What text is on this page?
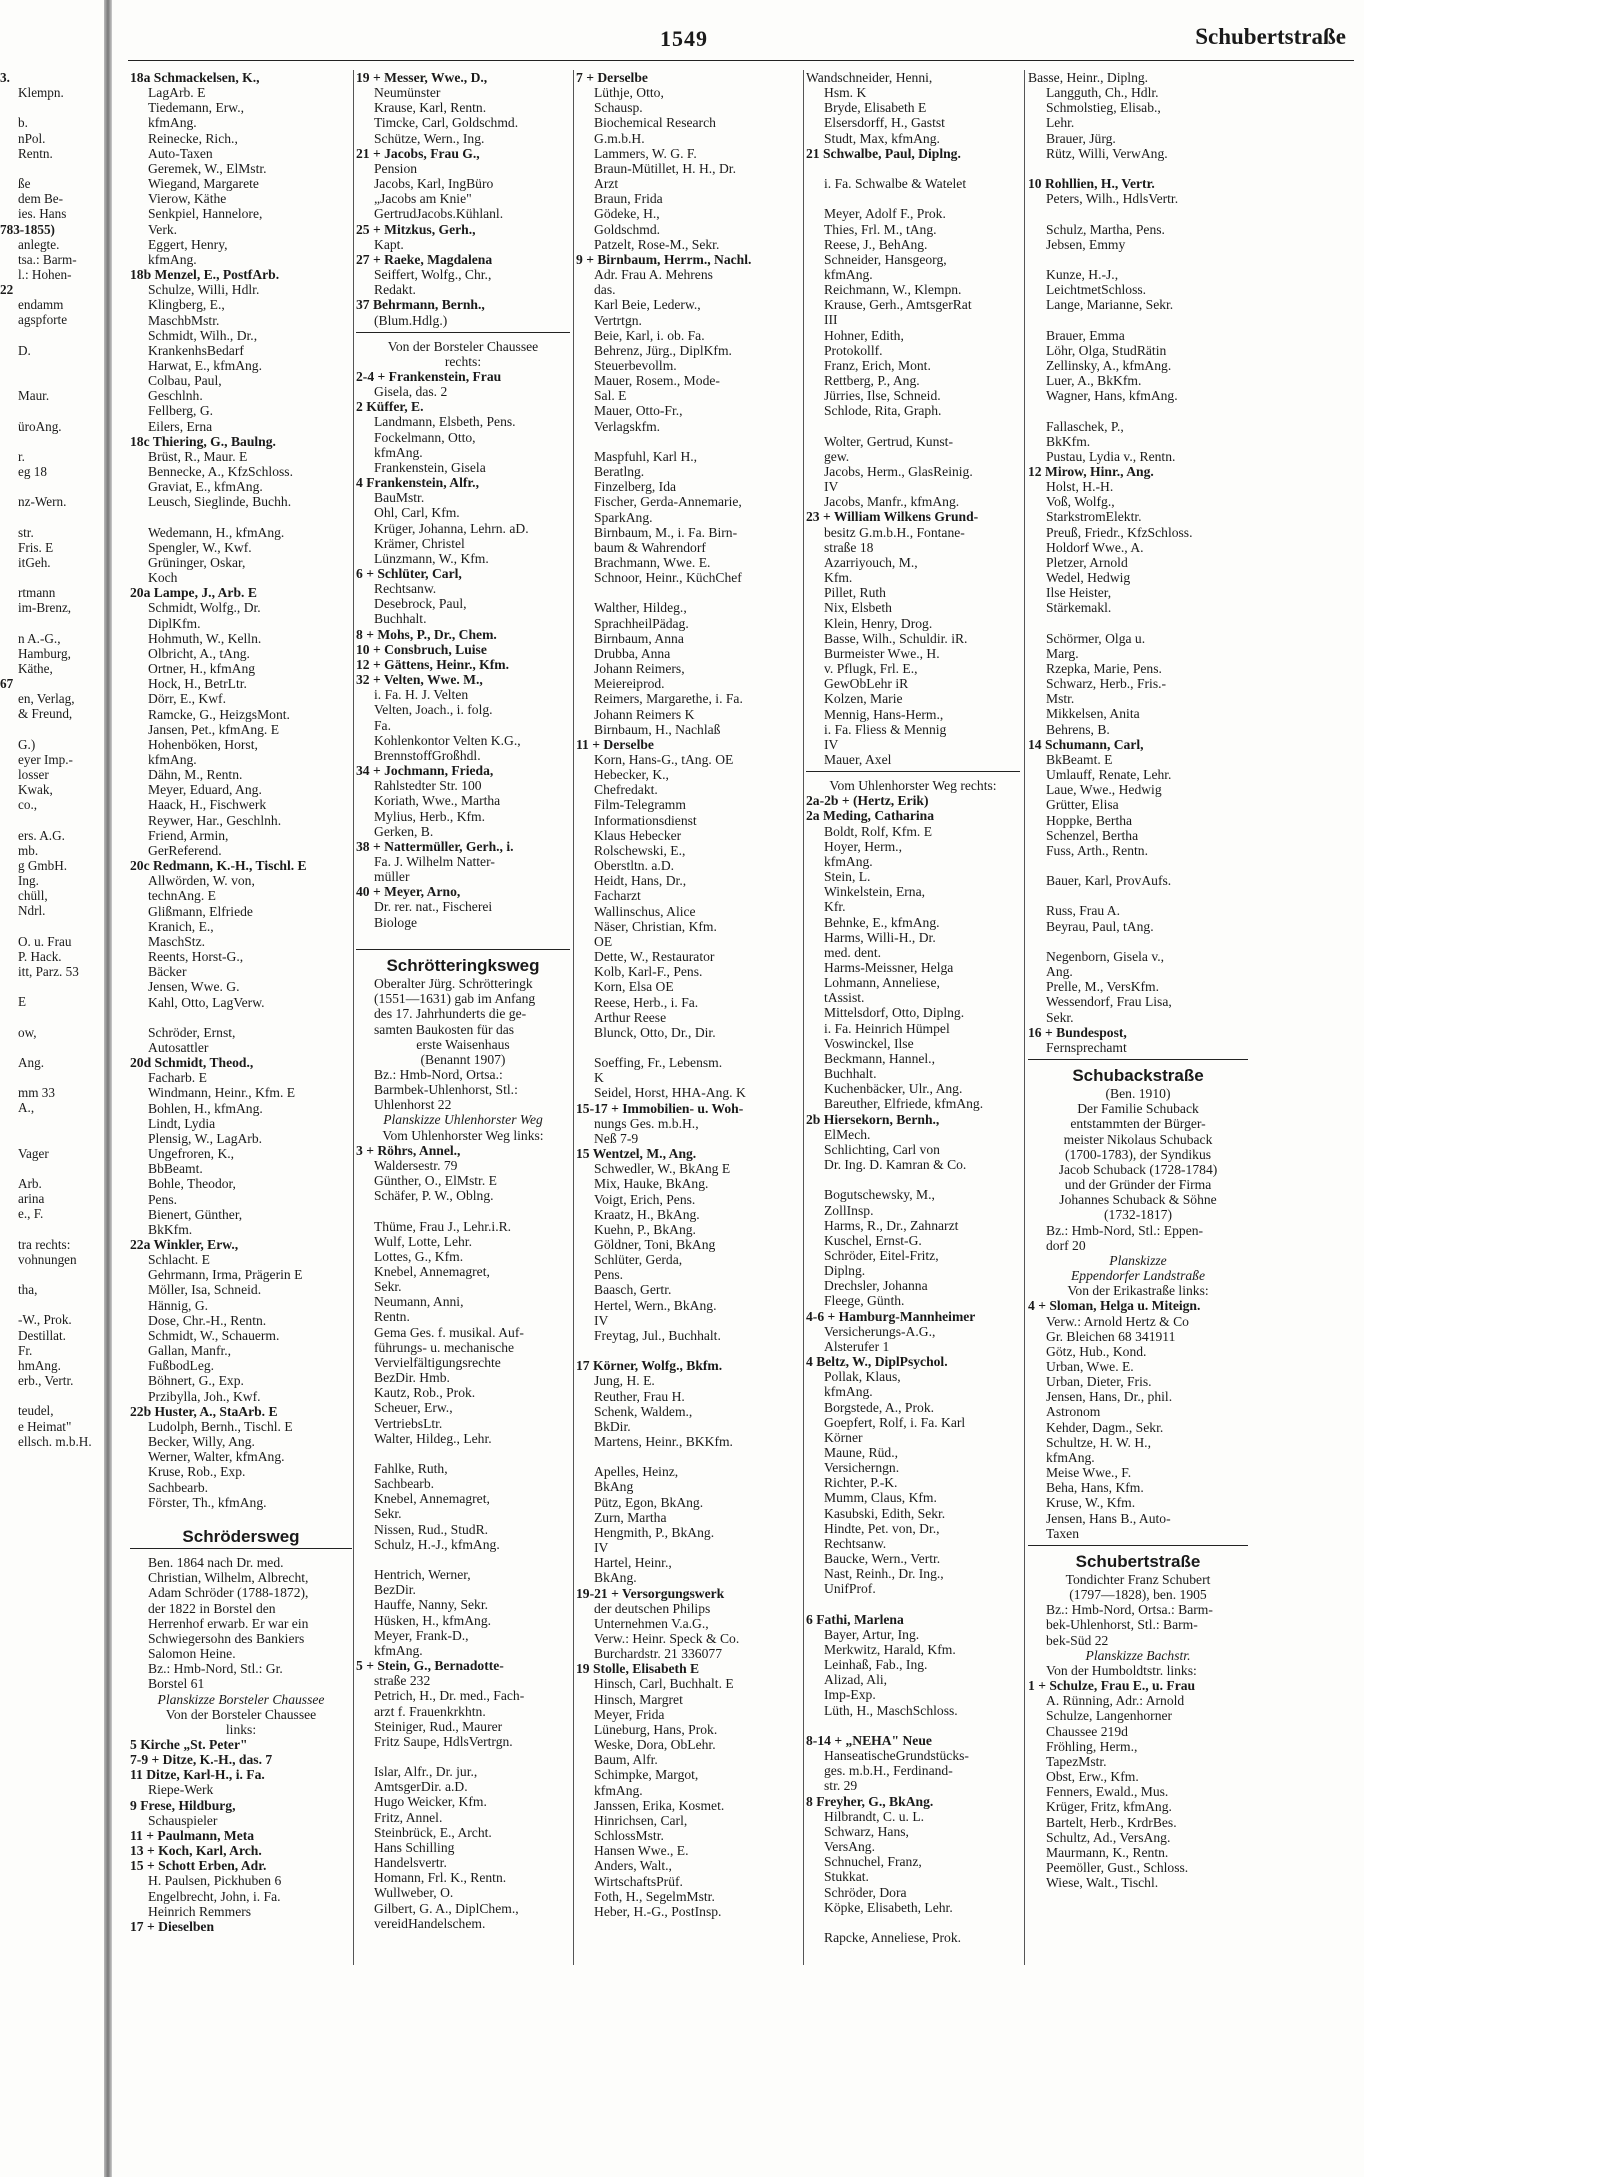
1549	Schubertstraße
3.
Klempn.
b.
nPol.
Rentn.
ße
dem Be-
ies. Hans
783-1855)
anlegte.
tsa.: Barm-
l.: Hohen-
22
endamm
agspforte
D.
Maur.
üroAng.
r.
eg 18
nz-Wern.
str.
Fris. E
itGeh.
rtmann
im-Brenz,
n A.-G.,
Hamburg,
Käthe,
67
en, Verlag,
& Freund,
G.)
eyer Imp.-
losser
Kwak,
co.,
ers. A.G.
mb.
g GmbH.
Ing.
chüll,
Ndrl.
O. u. Frau
P. Hack.
itt, Parz. 53
E
ow,
Ang.
mm 33
A.,
Vager
Arb.
arina
e., F.
tra rechts:
vohnungen
tha,
-W., Prok.
Destillat.
Fr.
hmAng.
erb., Vertr.
teudel,
e Heimat"
ellsch. m.b.H.
18a Schmackelsen, K.,
LagArb. E
Tiedemann, Erw.,
kfmAng.
Reinecke, Rich.,
Auto-Taxen
Geremek, W., ElMstr.
Wiegand, Margarete
Vierow, Käthe
Senkpiel, Hannelore,
Verk.
Eggert, Henry,
kfmAng.
18b Menzel, E., PostfArb.
Schulze, Willi, Hdlr.
Klingberg, E.,
MaschbMstr.
Schmidt, Wilh., Dr.,
KrankenhsBedarf
Harwat, E., kfmAng.
Colbau, Paul,
Geschlnh.
Fellberg, G.
Eilers, Erna
18c Thiering, G., Baulng.
Brüst, R., Maur. E
Bennecke, A., KfzSchloss.
Graviat, E., kfmAng.
Leusch, Sieglinde, Buchh.
Wedemann, H., kfmAng.
Spengler, W., Kwf.
Grüninger, Oskar,
Koch
20a Lampe, J., Arb. E
Schmidt, Wolfg., Dr.
DiplKfm.
Hohmuth, W., Kelln.
Olbricht, A., tAng.
Ortner, H., kfmAng
Hock, H., BetrLtr.
Dörr, E., Kwf.
Ramcke, G., HeizgsMont.
Jansen, Pet., kfmAng. E
Hohenböken, Horst,
kfmAng.
Dähn, M., Rentn.
Meyer, Eduard, Ang.
Haack, H., Fischwerk
Reywer, Har., Geschlnh.
Friend, Armin,
GerReferend.
20c Redmann, K.-H., Tischl. E
Allwörden, W. von,
technAng. E
Glißmann, Elfriede
Kranich, E.,
MaschStz.
Reents, Horst-G.,
Bäcker
Jensen, Wwe. G.
Kahl, Otto, LagVerw.
Schröder, Ernst,
Autosattler
20d Schmidt, Theod.,
Facharb. E
Windmann, Heinr., Kfm. E
Bohlen, H., kfmAng.
Lindt, Lydia
Plensig, W., LagArb.
Ungefroren, K.,
BbBeamt.
Bohle, Theodor,
Pens.
Bienert, Günther,
BkKfm.
22a Winkler, Erw.,
Schlacht. E
Gehrmann, Irma, Prägerin E
Möller, Isa, Schneid.
Hännig, G.
Dose, Chr.-H., Rentn.
Schmidt, W., Schauerm.
Gallan, Manfr.,
FußbodLeg.
Böhnert, G., Exp.
Przibylla, Joh., Kwf.
22b Huster, A., StaArb. E
Ludolph, Bernh., Tischl. E
Becker, Willy, Ang.
Werner, Walter, kfmAng.
Kruse, Rob., Exp.
Sachbearb.
Förster, Th., kfmAng.
Schrödersweg
Ben. 1864 nach Dr. med.
Christian, Wilhelm, Albrecht,
Adam Schröder (1788-1872),
der 1822 in Borstel den
Herrenhof erwarb. Er war ein
Schwiegersohn des Bankiers
Salomon Heine.
Bz.: Hmb-Nord, Stl.: Gr.
Borstel 61
Planskizze Borsteler Chaussee
Von der Borsteler Chaussee
links:
5 Kirche „St. Peter"
7-9 + Ditze, K.-H., das. 7
11 Ditze, Karl-H., i. Fa.
Riepe-Werk
9 Frese, Hildburg,
Schauspieler
11 + Paulmann, Meta
13 + Koch, Karl, Arch.
15 + Schott Erben, Adr.
H. Paulsen, Pickhuben 6
Engelbrecht, John, i. Fa.
Heinrich Remmers
17 + Dieselben
19 + Messer, Wwe., D.,
Neumünster
Krause, Karl, Rentn.
Timcke, Carl, Goldschmd.
Schütze, Wern., Ing.
21 + Jacobs, Frau G.,
Pension
Jacobs, Karl, IngBüro
„Jacobs am Knie"
GertrudJacobs.Kühlanl.
25 + Mitzkus, Gerh.,
Kapt.
27 + Raeke, Magdalena
Seiffert, Wolfg., Chr.,
Redakt.
37 Behrmann, Bernh.,
(Blum.Hdlg.)
Von der Borsteler Chaussee
rechts:
2-4 + Frankenstein, Frau
Gisela, das. 2
2 Küffer, E.
Landmann, Elsbeth, Pens.
Fockelmann, Otto,
kfmAng.
Frankenstein, Gisela
4 Frankenstein, Alfr.,
BauMstr.
Ohl, Carl, Kfm.
Krüger, Johanna, Lehrn. aD.
Krämer, Christel
Lünzmann, W., Kfm.
6 + Schlüter, Carl,
Rechtsanw.
Desebrock, Paul,
Buchhalt.
8 + Mohs, P., Dr., Chem.
10 + Consbruch, Luise
12 + Gättens, Heinr., Kfm.
32 + Velten, Wwe. M.,
i. Fa. H. J. Velten
Velten, Joach., i. folg.
Fa.
Kohlenkontor Velten K.G.,
BrennstoffGroßhdl.
34 + Jochmann, Frieda,
Rahlstedter Str. 100
Koriath, Wwe., Martha
Mylius, Herb., Kfm.
Gerken, B.
38 + Nattermüller, Gerh., i.
Fa. J. Wilhelm Natter-
müller
40 + Meyer, Arno,
Dr. rer. nat., Fischerei
Biologe
Schrötteringksweg
Oberalter Jürg. Schrötteringk
(1551—1631) gab im Anfang
des 17. Jahrhunderts die ge-
samten Baukosten für das
erste Waisenhaus
(Benannt 1907)
Bz.: Hmb-Nord, Ortsa.:
Barmbek-Uhlenhorst, Stl.:
Uhlenhorst 22
Planskizze Uhlenhorster Weg
Vom Uhlenhorster Weg links:
3 + Röhrs, Annel.,
Waldersestr. 79
Günther, O., ElMstr. E
Schäfer, P. W., Oblng.
Thüme, Frau J., Lehr.i.R.
Wulf, Lotte, Lehr.
Lottes, G., Kfm.
Knebel, Annemagret,
Sekr.
Neumann, Anni,
Rentn.
Gema Ges. f. musikal. Auf-
führungs- u. mechanische
Vervielfältigungsrechte
BezDir. Hmb.
Kautz, Rob., Prok.
Scheuer, Erw.,
VertriebsLtr.
Walter, Hildeg., Lehr.
Fahlke, Ruth,
Sachbearb.
Knebel, Annemagret,
Sekr.
Nissen, Rud., StudR.
Schulz, H.-J., kfmAng.
Hentrich, Werner,
BezDir.
Hauffe, Nanny, Sekr.
Hüsken, H., kfmAng.
Meyer, Frank-D.,
kfmAng.
5 + Stein, G., Bernadotte-
straße 232
Petrich, H., Dr. med., Fach-
arzt f. Frauenkrkhtn.
Steiniger, Rud., Maurer
Fritz Saupe, HdlsVertrgn.
Islar, Alfr., Dr. jur.,
AmtsgerDir. a.D.
Hugo Weicker, Kfm.
Fritz, Annel.
Steinbrück, E., Archt.
Hans Schilling
Handelsvertr.
Homann, Frl. K., Rentn.
Wullweber, O.
Gilbert, G. A., DiplChem.,
vereidHandelschem.
7 + Derselbe
Lüthje, Otto,
Schausp.
Biochemical Research
G.m.b.H.
Lammers, W. G. F.
Braun-Mütillet, H. H., Dr.
Arzt
Braun, Frida
Gödeke, H.,
Goldschmd.
Patzelt, Rose-M., Sekr.
9 + Birnbaum, Herrm., Nachl.
Adr. Frau A. Mehrens
das.
Karl Beie, Lederw.,
Vertrtgn.
Beie, Karl, i. ob. Fa.
Behrenz, Jürg., DiplKfm.
Steuerbevollm.
Mauer, Rosem., Mode-
Sal. E
Mauer, Otto-Fr.,
Verlagskfm.
Maspfuhl, Karl H.,
Beratlng.
Finzelberg, Ida
Fischer, Gerda-Annemarie,
SparkAng.
Birnbaum, M., i. Fa. Birn-
baum & Wahrendorf
Brachmann, Wwe. E.
Schnoor, Heinr., KüchChef
Walther, Hildeg.,
SprachheilPädag.
Birnbaum, Anna
Drubba, Anna
Johann Reimers,
Meiereiprod.
Reimers, Margarethe, i. Fa.
Johann Reimers K
Birnbaum, H., Nachlaß
11 + Derselbe
Korn, Hans-G., tAng. OE
Hebecker, K.,
Chefredakt.
Film-Telegramm
Informationsdienst
Klaus Hebecker
Rolschewski, E.,
Oberstltn. a.D.
Heidt, Hans, Dr.,
Facharzt
Wallinschus, Alice
Näser, Christian, Kfm.
OE
Dette, W., Restaurator
Kolb, Karl-F., Pens.
Korn, Elsa OE
Reese, Herb., i. Fa.
Arthur Reese
Blunck, Otto, Dr., Dir.
Soeffing, Fr., Lebensm.
K
Seidel, Horst, HHA-Ang. K
15-17 + Immobilien- u. Woh-
nungs Ges. m.b.H.,
Neß 7-9
15 Wentzel, M., Ang.
Schwedler, W., BkAng E
Mix, Hauke, BkAng.
Voigt, Erich, Pens.
Kraatz, H., BkAng.
Kuehn, P., BkAng.
Göldner, Toni, BkAng
Schlüter, Gerda,
Pens.
Baasch, Gertr.
Hertel, Wern., BkAng.
IV
Freytag, Jul., Buchhalt.
17 Körner, Wolfg., Bkfm.
Jung, H. E.
Reuther, Frau H.
Schenk, Waldem.,
BkDir.
Martens, Heinr., BKKfm.
Apelles, Heinz,
BkAng
Pütz, Egon, BkAng.
Zurn, Martha
Hengmith, P., BkAng.
IV
Hartel, Heinr.,
BkAng.
19-21 + Versorgungswerk
der deutschen Philips
Unternehmen V.a.G.,
Verw.: Heinr. Speck & Co.
Burchardstr. 21 336077
19 Stolle, Elisabeth E
Hinsch, Carl, Buchhalt. E
Hinsch, Margret
Meyer, Frida
Lüneburg, Hans, Prok.
Weske, Dora, ObLehr.
Baum, Alfr.
Schimpke, Margot,
kfmAng.
Janssen, Erika, Kosmet.
Hinrichsen, Carl,
SchlossMstr.
Hansen Wwe., E.
Anders, Walt.,
WirtschaftsPrüf.
Foth, H., SegelmMstr.
Heber, H.-G., PostInsp.
Wandschneider, Henni,
Hsm. K
Bryde, Elisabeth E
Elsersdorff, H., Gastst
Studt, Max, kfmAng.
21 Schwalbe, Paul, Diplng.
i. Fa. Schwalbe & Watelet
Meyer, Adolf F., Prok.
Thies, Frl. M., tAng.
Reese, J., BehAng.
Schneider, Hansgeorg,
kfmAng.
Reichmann, W., Klempn.
Krause, Gerh., AmtsgerRat
III
Hohner, Edith,
Protokollf.
Franz, Erich, Mont.
Rettberg, P., Ang.
Jürries, Ilse, Schneid.
Schlode, Rita, Graph.
Wolter, Gertrud, Kunst-
gew.
Jacobs, Herm., GlasReinig.
IV
Jacobs, Manfr., kfmAng.
23 + William Wilkens Grund-
besitz G.m.b.H., Fontane-
straße 18
Azarriyouch, M.,
Kfm.
Pillet, Ruth
Nix, Elsbeth
Klein, Henry, Drog.
Basse, Wilh., Schuldir. iR.
Burmeister Wwe., H.
v. Pflugk, Frl. E.,
GewObLehr iR
Kolzen, Marie
Mennig, Hans-Herm.,
i. Fa. Fliess & Mennig
IV
Mauer, Axel
Vom Uhlenhorster Weg rechts:
2a-2b + (Hertz, Erik)
2a Meding, Catharina
Boldt, Rolf, Kfm. E
Hoyer, Herm.,
kfmAng.
Stein, L.
Winkelstein, Erna,
Kfr.
Behnke, E., kfmAng.
Harms, Willi-H., Dr.
med. dent.
Harms-Meissner, Helga
Lohmann, Anneliese,
tAssist.
Mittelsdorf, Otto, Diplng.
i. Fa. Heinrich Hümpel
Voswinckel, Ilse
Beckmann, Hannel.,
Buchhalt.
Kuchenbäcker, Ulr., Ang.
Bareuther, Elfriede, kfmAng.
2b Hiersekorn, Bernh.,
ElMech.
Schlichting, Carl von
Dr. Ing. D. Kamran & Co.
Bogutschewsky, M.,
ZollInsp.
Harms, R., Dr., Zahnarzt
Kuschel, Ernst-G.
Schröder, Eitel-Fritz,
Diplng.
Drechsler, Johanna
Fleege, Günth.
4-6 + Hamburg-Mannheimer
Versicherungs-A.G.,
Alsterufer 1
4 Beltz, W., DiplPsychol.
Pollak, Klaus,
kfmAng.
Borgstede, A., Prok.
Goepfert, Rolf, i. Fa. Karl
Körner
Maune, Rüd.,
Versicherngn.
Richter, P.-K.
Mumm, Claus, Kfm.
Kasubski, Edith, Sekr.
Hindte, Pet. von, Dr.,
Rechtsanw.
Baucke, Wern., Vertr.
Nast, Reinh., Dr. Ing.,
UnifProf.
6 Fathi, Marlena
Bayer, Artur, Ing.
Merkwitz, Harald, Kfm.
Leinhaß, Fab., Ing.
Alizad, Ali,
Imp-Exp.
Lüth, H., MaschSchloss.
8-14 + „NEHA" Neue
HanseatischeGrundstücks-
ges. m.b.H., Ferdinand-
str. 29
8 Freyher, G., BkAng.
Hilbrandt, C. u. L.
Schwarz, Hans,
VersAng.
Schnuchel, Franz,
Stukkat.
Schröder, Dora
Köpke, Elisabeth, Lehr.
Rapcke, Anneliese, Prok.
Basse, Heinr., Diplng.
Langguth, Ch., Hdlr.
Schmolstieg, Elisab.,
Lehr.
Brauer, Jürg.
Rütz, Willi, VerwAng.
10 Rohllien, H., Vertr.
Peters, Wilh., HdlsVertr.
Schulz, Martha, Pens.
Jebsen, Emmy
Kunze, H.-J.,
LeichtmetSchloss.
Lange, Marianne, Sekr.
Brauer, Emma
Löhr, Olga, StudRätin
Zellinsky, A., kfmAng.
Luer, A., BkKfm.
Wagner, Hans, kfmAng.
Fallaschek, P.,
BkKfm.
Pustau, Lydia v., Rentn.
12 Mirow, Hinr., Ang.
Holst, H.-H.
Voß, Wolfg.,
StarkstromElektr.
Preuß, Friedr., KfzSchloss.
Holdorf Wwe., A.
Pletzer, Arnold
Wedel, Hedwig
Ilse Heister,
Stärkemakl.
Schörmer, Olga u.
Marg.
Rzepka, Marie, Pens.
Schwarz, Herb., Fris.-
Mstr.
Mikkelsen, Anita
Behrens, B.
14 Schumann, Carl,
BkBeamt. E
Umlauff, Renate, Lehr.
Laue, Wwe., Hedwig
Grütter, Elisa
Hoppke, Bertha
Schenzel, Bertha
Fuss, Arth., Rentn.
Bauer, Karl, ProvAufs.
Russ, Frau A.
Beyrau, Paul, tAng.
Negenborn, Gisela v.,
Ang.
Prelle, M., VersKfm.
Wessendorf, Frau Lisa,
Sekr.
16 + Bundespost,
Fernsprechamt
Schubackstraße
(Ben. 1910)
Der Familie Schuback
entstammten der Bürger-
meister Nikolaus Schuback
(1700-1783), der Syndikus
Jacob Schuback (1728-1784)
und der Gründer der Firma
Johannes Schuback & Söhne
(1732-1817)
Bz.: Hmb-Nord, Stl.: Eppen-
dorf 20
Planskizze
Eppendorfer Landstraße
Von der Erikastraße links:
4 + Sloman, Helga u. Miteign.
Verw.: Arnold Hertz & Co
Gr. Bleichen 68 341911
Götz, Hub., Kond.
Urban, Wwe. E.
Urban, Dieter, Fris.
Jensen, Hans, Dr., phil.
Astronom
Kehder, Dagm., Sekr.
Schultze, H. W. H.,
kfmAng.
Meise Wwe., F.
Beha, Hans, Kfm.
Kruse, W., Kfm.
Jensen, Hans B., Auto-
Taxen
Schubertstraße
Tondichter Franz Schubert
(1797—1828), ben. 1905
Bz.: Hmb-Nord, Ortsa.: Barm-
bek-Uhlenhorst, Stl.: Barm-
bek-Süd 22
Planskizze Bachstr.
Von der Humboldtstr. links:
1 + Schulze, Frau E., u. Frau
A. Rünning, Adr.: Arnold
Schulze, Langenhorner
Chaussee 219d
Fröhling, Herm.,
TapezMstr.
Obst, Erw., Kfm.
Fenners, Ewald., Mus.
Krüger, Fritz, kfmAng.
Bartelt, Herb., KrdrBes.
Schultz, Ad., VersAng.
Maurmann, K., Rentn.
Peemöller, Gust., Schloss.
Wiese, Walt., Tischl.
